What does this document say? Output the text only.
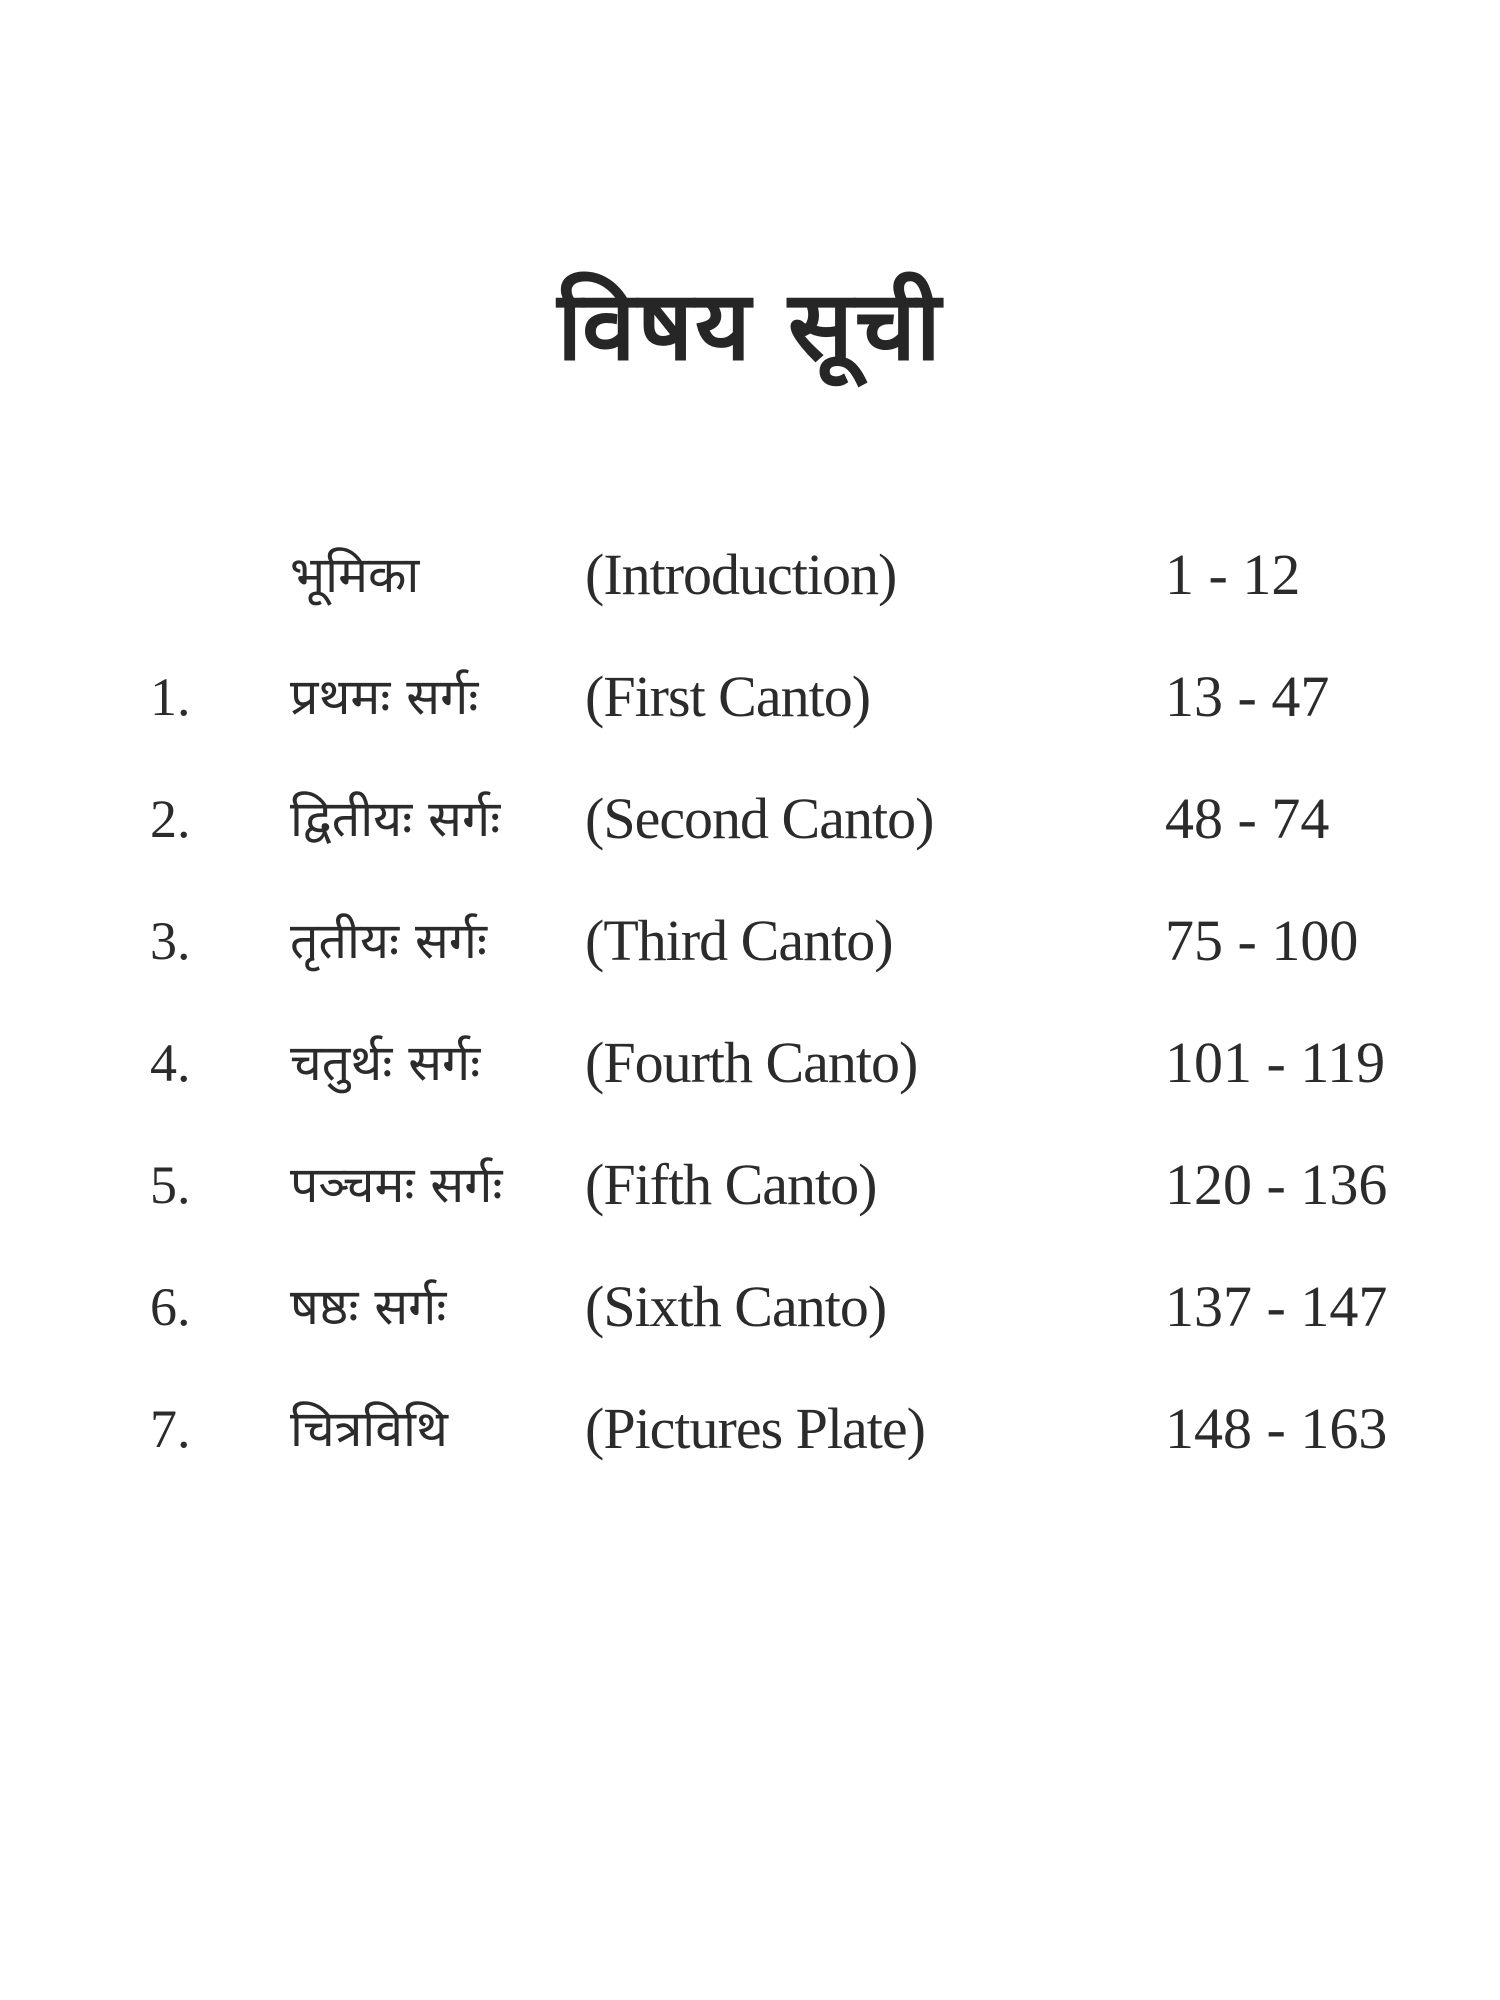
विषय सूची
भूमिका	(Introduction)	1 - 12
1. प्रथमः सर्गः (First Canto)	13 - 47
2. द्वितीयः सर्गः (Second Canto)	48 - 74
3. तृतीयः सर्गः (Third Canto)	75 - 100
4. चतुर्थः सर्गः (Fourth Canto)	101 - 119
5. पञ्चमः सर्गः (Fifth Canto)	120 - 136
6. षष्ठः सर्गः (Sixth Canto)	137 - 147
7. चित्रविथि (Pictures Plate)	148 - 163
